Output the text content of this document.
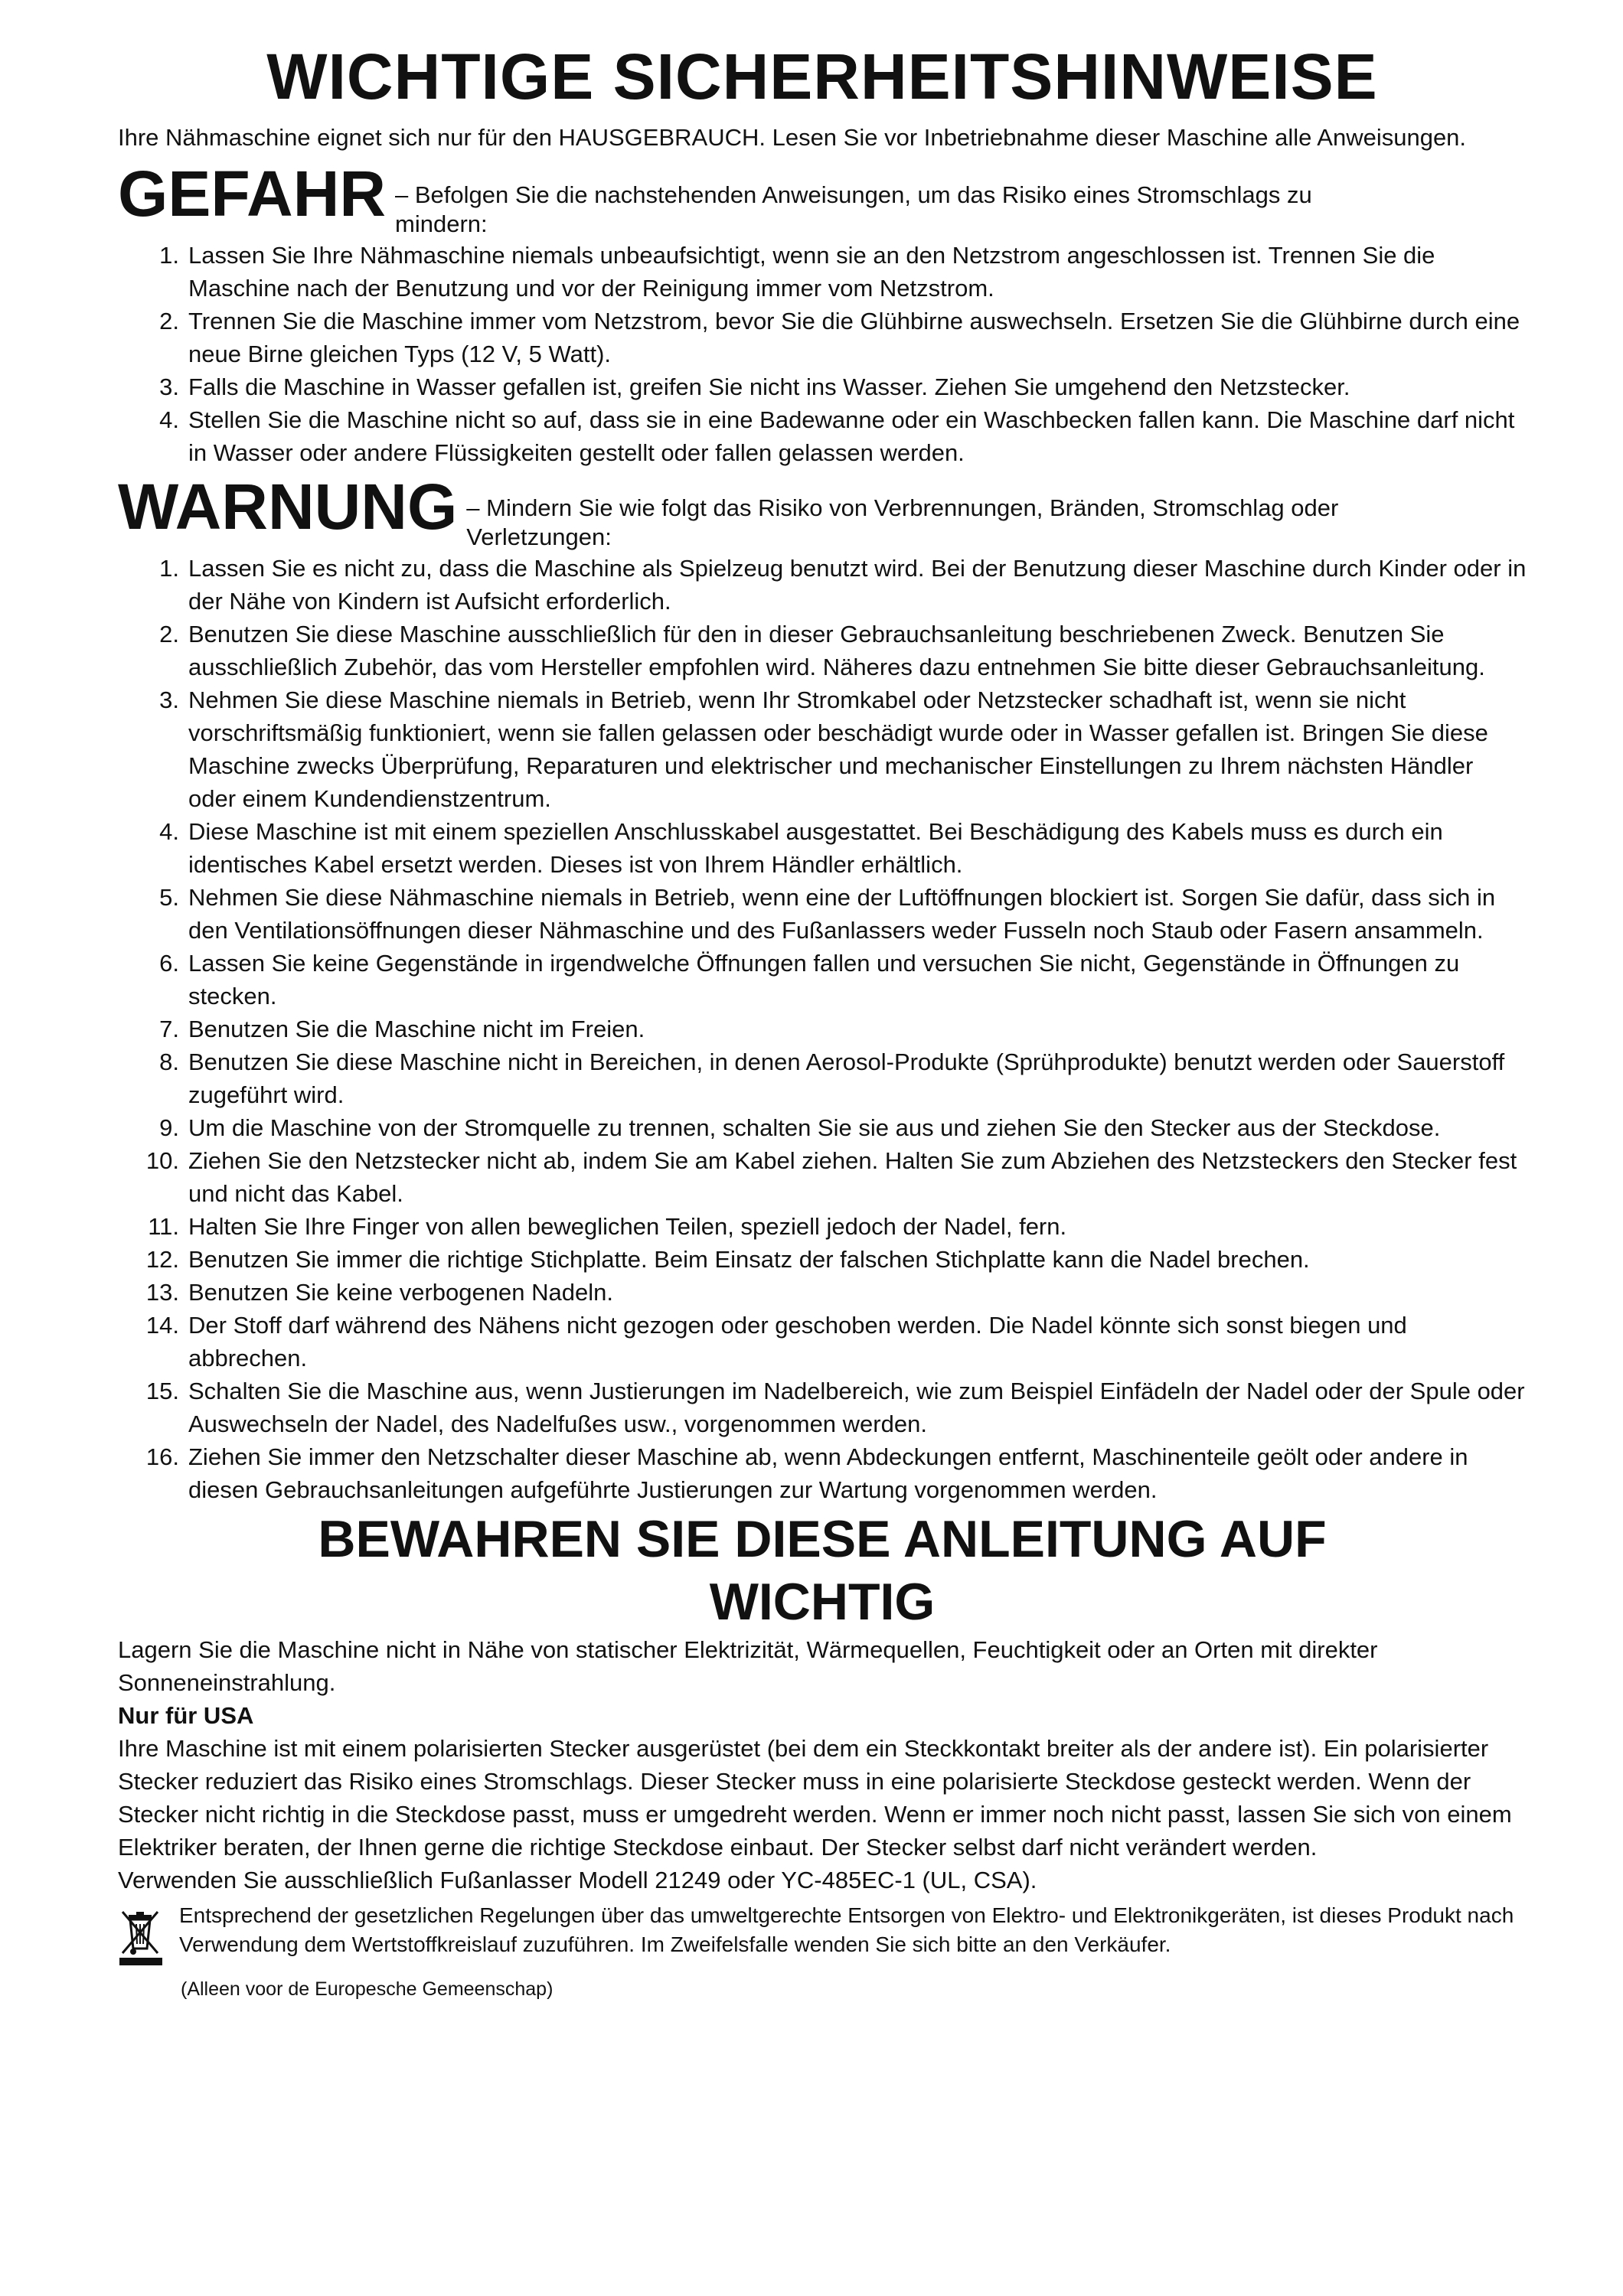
WICHTIGE SICHERHEITSHINWEISE

Ihre Nähmaschine eignet sich nur für den HAUSGEBRAUCH. Lesen Sie vor Inbetriebnahme dieser Maschine alle Anweisungen.

GEFAHR – Befolgen Sie die nachstehenden Anweisungen, um das Risiko eines Stromschlags zu
mindern:
1. Lassen Sie Ihre Nähmaschine niemals unbeaufsichtigt, wenn sie an den Netzstrom angeschlossen ist. Trennen Sie die Maschine nach der Benutzung und vor der Reinigung immer vom Netzstrom.
2. Trennen Sie die Maschine immer vom Netzstrom, bevor Sie die Glühbirne auswechseln. Ersetzen Sie die Glühbirne durch eine neue Birne gleichen Typs (12 V, 5 Watt).
3. Falls die Maschine in Wasser gefallen ist, greifen Sie nicht ins Wasser. Ziehen Sie umgehend den Netzstecker.
4. Stellen Sie die Maschine nicht so auf, dass sie in eine Badewanne oder ein Waschbecken fallen kann. Die Maschine darf nicht in Wasser oder andere Flüssigkeiten gestellt oder fallen gelassen werden.
WARNUNG – Mindern Sie wie folgt das Risiko von Verbrennungen, Bränden, Stromschlag oder
Verletzungen:
1. Lassen Sie es nicht zu, dass die Maschine als Spielzeug benutzt wird. Bei der Benutzung dieser Maschine durch Kinder oder in der Nähe von Kindern ist Aufsicht erforderlich.
2. Benutzen Sie diese Maschine ausschließlich für den in dieser Gebrauchsanleitung beschriebenen Zweck. Benutzen Sie ausschließlich Zubehör, das vom Hersteller empfohlen wird. Näheres dazu entnehmen Sie bitte dieser Gebrauchsanleitung.
3. Nehmen Sie diese Maschine niemals in Betrieb, wenn Ihr Stromkabel oder Netzstecker schadhaft ist, wenn sie nicht vorschriftsmäßig funktioniert, wenn sie fallen gelassen oder beschädigt wurde oder in Wasser gefallen ist. Bringen Sie diese Maschine zwecks Überprüfung, Reparaturen und elektrischer und mechanischer Einstellungen zu Ihrem nächsten Händler oder einem Kundendienstzentrum.
4. Diese Maschine ist mit einem speziellen Anschlusskabel ausgestattet. Bei Beschädigung des Kabels muss es durch ein identisches Kabel ersetzt werden. Dieses ist von Ihrem Händler erhältlich.
5. Nehmen Sie diese Nähmaschine niemals in Betrieb, wenn eine der Luftöffnungen blockiert ist. Sorgen Sie dafür, dass sich in den Ventilationsöffnungen dieser Nähmaschine und des Fußanlassers weder Fusseln noch Staub oder Fasern ansammeln.
6. Lassen Sie keine Gegenstände in irgendwelche Öffnungen fallen und versuchen Sie nicht, Gegenstände in Öffnungen zu stecken.
7. Benutzen Sie die Maschine nicht im Freien.
8. Benutzen Sie diese Maschine nicht in Bereichen, in denen Aerosol-Produkte (Sprühprodukte) benutzt werden oder Sauerstoff zugeführt wird.
9. Um die Maschine von der Stromquelle zu trennen, schalten Sie sie aus und ziehen Sie den Stecker aus der Steckdose.
10. Ziehen Sie den Netzstecker nicht ab, indem Sie am Kabel ziehen. Halten Sie zum Abziehen des Netzsteckers den Stecker fest und nicht das Kabel.
11. Halten Sie Ihre Finger von allen beweglichen Teilen, speziell jedoch der Nadel, fern.
12. Benutzen Sie immer die richtige Stichplatte. Beim Einsatz der falschen Stichplatte kann die Nadel brechen.
13. Benutzen Sie keine verbogenen Nadeln.
14. Der Stoff darf während des Nähens nicht gezogen oder geschoben werden. Die Nadel könnte sich sonst biegen und abbrechen.
15. Schalten Sie die Maschine aus, wenn Justierungen im Nadelbereich, wie zum Beispiel Einfädeln der Nadel oder der Spule oder Auswechseln der Nadel, des Nadelfußes usw., vorgenommen werden.
16. Ziehen Sie immer den Netzschalter dieser Maschine ab, wenn Abdeckungen entfernt, Maschinenteile geölt oder andere in diesen Gebrauchsanleitungen aufgeführte Justierungen zur Wartung vorgenommen werden.
BEWAHREN SIE DIESE ANLEITUNG AUF
WICHTIG

Lagern Sie die Maschine nicht in Nähe von statischer Elektrizität, Wärmequellen, Feuchtigkeit oder an Orten mit direkter Sonneneinstrahlung.

Nur für USA

Ihre Maschine ist mit einem polarisierten Stecker ausgerüstet (bei dem ein Steckkontakt breiter als der andere ist). Ein polarisierter Stecker reduziert das Risiko eines Stromschlags. Dieser Stecker muss in eine polarisierte Steckdose gesteckt werden. Wenn der Stecker nicht richtig in die Steckdose passt, muss er umgedreht werden. Wenn er immer noch nicht passt, lassen Sie sich von einem Elektriker beraten, der Ihnen gerne die richtige Steckdose einbaut. Der Stecker selbst darf nicht verändert werden.

Verwenden Sie ausschließlich Fußanlasser Modell 21249 oder YC-485EC-1 (UL, CSA).

Entsprechend der gesetzlichen Regelungen über das umweltgerechte Entsorgen von Elektro- und Elektronikgeräten, ist dieses Produkt nach Verwendung dem Wertstoffkreislauf zuzuführen. Im Zweifelsfalle wenden Sie sich bitte an den Verkäufer.
(Alleen voor de Europesche Gemeenschap)
